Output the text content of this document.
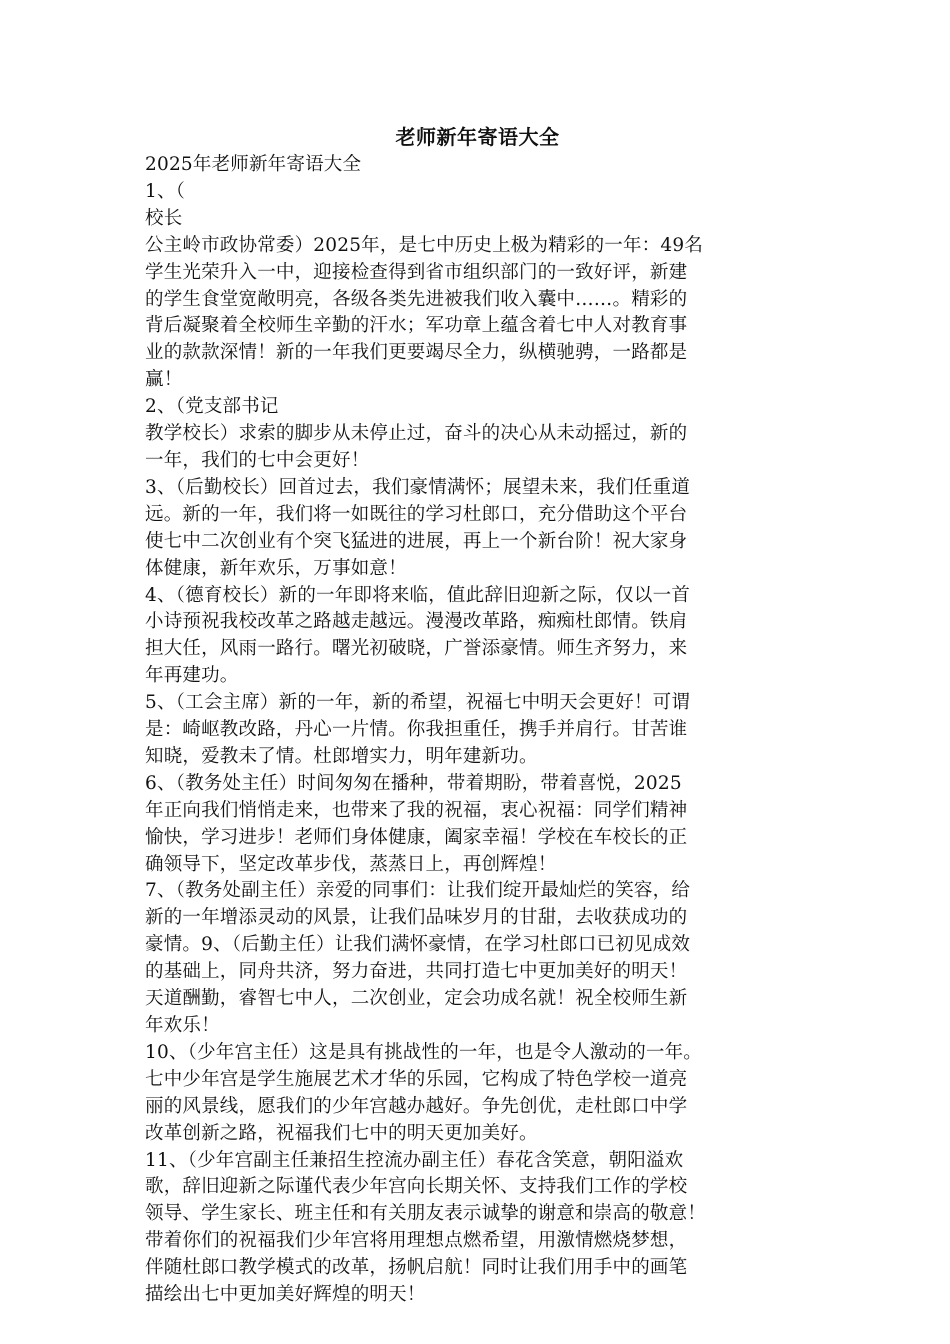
老师新年寄语大全
2025年老师新年寄语大全
1、（
校长
公主岭市政协常委）2025年，是七中历史上极为精彩的一年：49名
学生光荣升入一中，迎接检查得到省市组织部门的一致好评，新建
的学生食堂宽敞明亮，各级各类先进被我们收入囊中……。精彩的
背后凝聚着全校师生辛勤的汗水；军功章上蕴含着七中人对教育事
业的款款深情！新的一年我们更要竭尽全力，纵横驰骋，一路都是
赢！
2、（党支部书记
教学校长）求索的脚步从未停止过，奋斗的决心从未动摇过，新的
一年，我们的七中会更好！
3、（后勤校长）回首过去，我们豪情满怀；展望未来，我们任重道
远。新的一年，我们将一如既往的学习杜郎口，充分借助这个平台
使七中二次创业有个突飞猛进的进展，再上一个新台阶！祝大家身
体健康，新年欢乐，万事如意！
4、（德育校长）新的一年即将来临，值此辞旧迎新之际，仅以一首
小诗预祝我校改革之路越走越远。漫漫改革路，痴痴杜郎情。铁肩
担大任，风雨一路行。曙光初破晓，广誉添豪情。师生齐努力，来
年再建功。
5、（工会主席）新的一年，新的希望，祝福七中明天会更好！可谓
是：崎岖教改路，丹心一片情。你我担重任，携手并肩行。甘苦谁
知晓，爱教未了情。杜郎增实力，明年建新功。
6、（教务处主任）时间匆匆在播种，带着期盼，带着喜悦，2025
年正向我们悄悄走来，也带来了我的祝福，衷心祝福：同学们精神
愉快，学习进步！老师们身体健康，阖家幸福！学校在车校长的正
确领导下，坚定改革步伐，蒸蒸日上，再创辉煌！
7、（教务处副主任）亲爱的同事们：让我们绽开最灿烂的笑容，给
新的一年增添灵动的风景，让我们品味岁月的甘甜，去收获成功的
豪情。9、（后勤主任）让我们满怀豪情，在学习杜郎口已初见成效
的基础上，同舟共济，努力奋进，共同打造七中更加美好的明天！
天道酬勤，睿智七中人，二次创业，定会功成名就！祝全校师生新
年欢乐！
10、（少年宫主任）这是具有挑战性的一年，也是令人激动的一年。
七中少年宫是学生施展艺术才华的乐园，它构成了特色学校一道亮
丽的风景线，愿我们的少年宫越办越好。争先创优，走杜郎口中学
改革创新之路，祝福我们七中的明天更加美好。
11、（少年宫副主任兼招生控流办副主任）春花含笑意，朝阳溢欢
歌，辞旧迎新之际谨代表少年宫向长期关怀、支持我们工作的学校
领导、学生家长、班主任和有关朋友表示诚挚的谢意和崇高的敬意！
带着你们的祝福我们少年宫将用理想点燃希望，用激情燃烧梦想，
伴随杜郎口教学模式的改革，扬帆启航！同时让我们用手中的画笔
描绘出七中更加美好辉煌的明天！
